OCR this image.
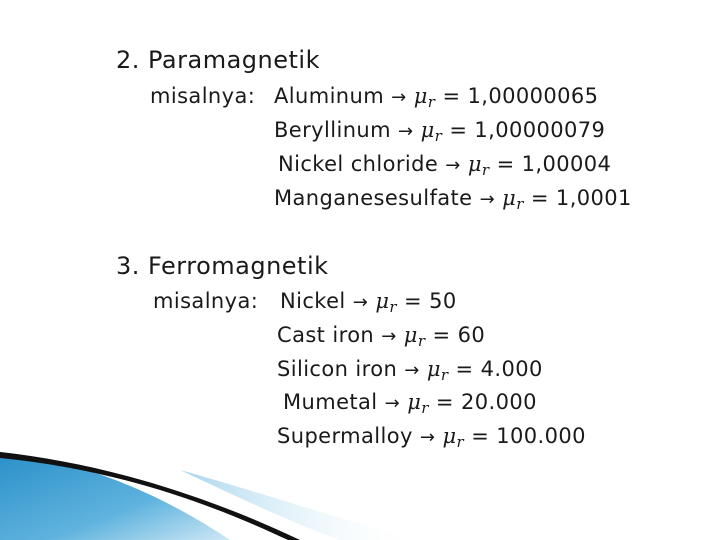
2. Paramagnetik
misalnya: Aluminum → μr = 1,00000065
Beryllinum → μr = 1,00000079
Nickel chloride → μr = 1,00004
Manganesesulfate → μr = 1,0001
3. Ferromagnetik
misalnya: Nickel → μr = 50
Cast iron → μr = 60
Silicon iron → μr = 4.000
Mumetal → μr = 20.000
Supermalloy → μr = 100.000
